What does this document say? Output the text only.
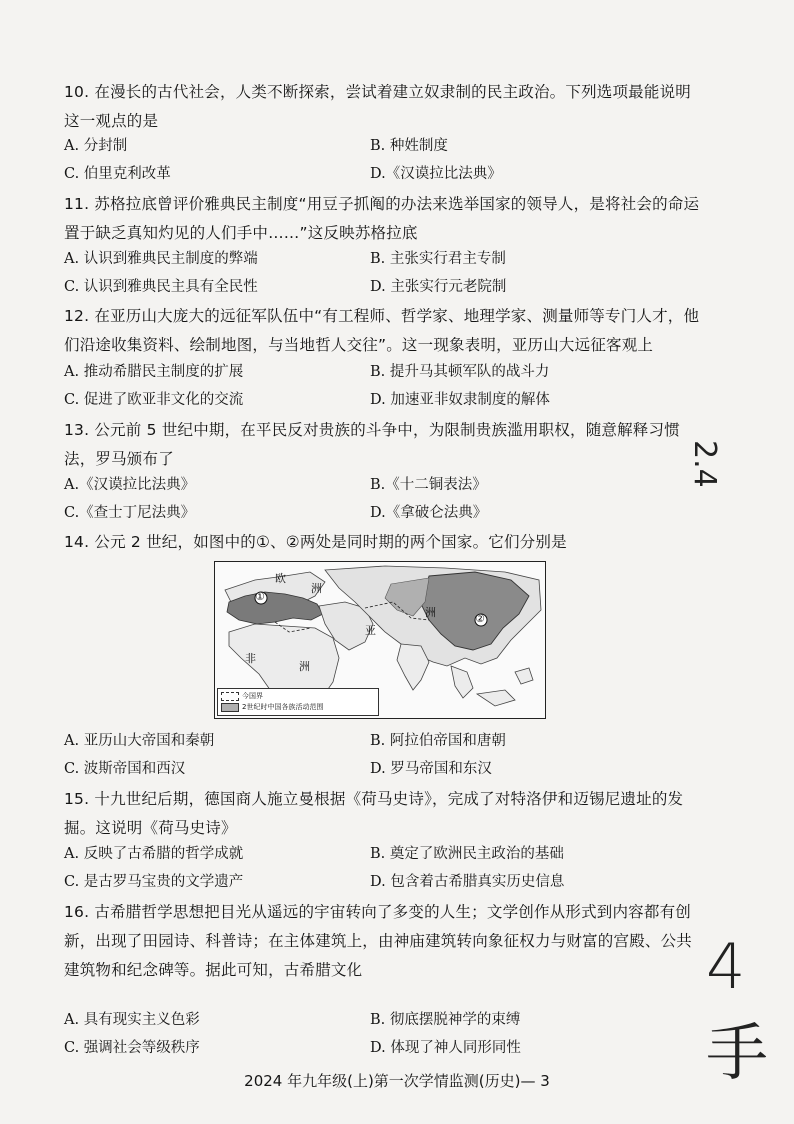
10. 在漫长的古代社会，人类不断探索，尝试着建立奴隶制的民主政治。下列选项最能说明这一观点的是
A. 分封制	B. 种姓制度
C. 伯里克利改革	D.《汉谟拉比法典》
11. 苏格拉底曾评价雅典民主制度“用豆子抓阄的办法来选举国家的领导人，是将社会的命运置于缺乏真知灼见的人们手中……”这反映苏格拉底
A. 认识到雅典民主制度的弊端	B. 主张实行君主专制
C. 认识到雅典民主具有全民性	D. 主张实行元老院制
12. 在亚历山大庞大的远征军队伍中“有工程师、哲学家、地理学家、测量师等专门人才，他们沿途收集资料、绘制地图，与当地哲人交往”。这一现象表明，亚历山大远征客观上
A. 推动希腊民主制度的扩展	B. 提升马其顿军队的战斗力
C. 促进了欧亚非文化的交流	D. 加速亚非奴隶制度的解体
13. 公元前 5 世纪中期，在平民反对贵族的斗争中，为限制贵族滥用职权，随意解释习惯法，罗马颁布了
A.《汉谟拉比法典》	B.《十二铜表法》
C.《查士丁尼法典》	D.《拿破仑法典》
14. 公元 2 世纪，如图中的①、②两处是同时期的两个国家。它们分别是
①
②
欧
洲
亚
洲
非
洲
今国界
2世纪时中国各族活动范围
A. 亚历山大帝国和秦朝	B. 阿拉伯帝国和唐朝
C. 波斯帝国和西汉	D. 罗马帝国和东汉
15. 十九世纪后期，德国商人施立曼根据《荷马史诗》，完成了对特洛伊和迈锡尼遗址的发掘。这说明《荷马史诗》
A. 反映了古希腊的哲学成就	B. 奠定了欧洲民主政治的基础
C. 是古罗马宝贵的文学遗产	D. 包含着古希腊真实历史信息
16. 古希腊哲学思想把目光从遥远的宇宙转向了多变的人生；文学创作从形式到内容都有创新，出现了田园诗、科普诗；在主体建筑上，由神庙建筑转向象征权力与财富的宫殿、公共建筑物和纪念碑等。据此可知，古希腊文化
A. 具有现实主义色彩	B. 彻底摆脱神学的束缚
C. 强调社会等级秩序	D. 体现了神人同形同性
2024 年九年级(上)第一次学情监测(历史)— 3
2.4
4手
